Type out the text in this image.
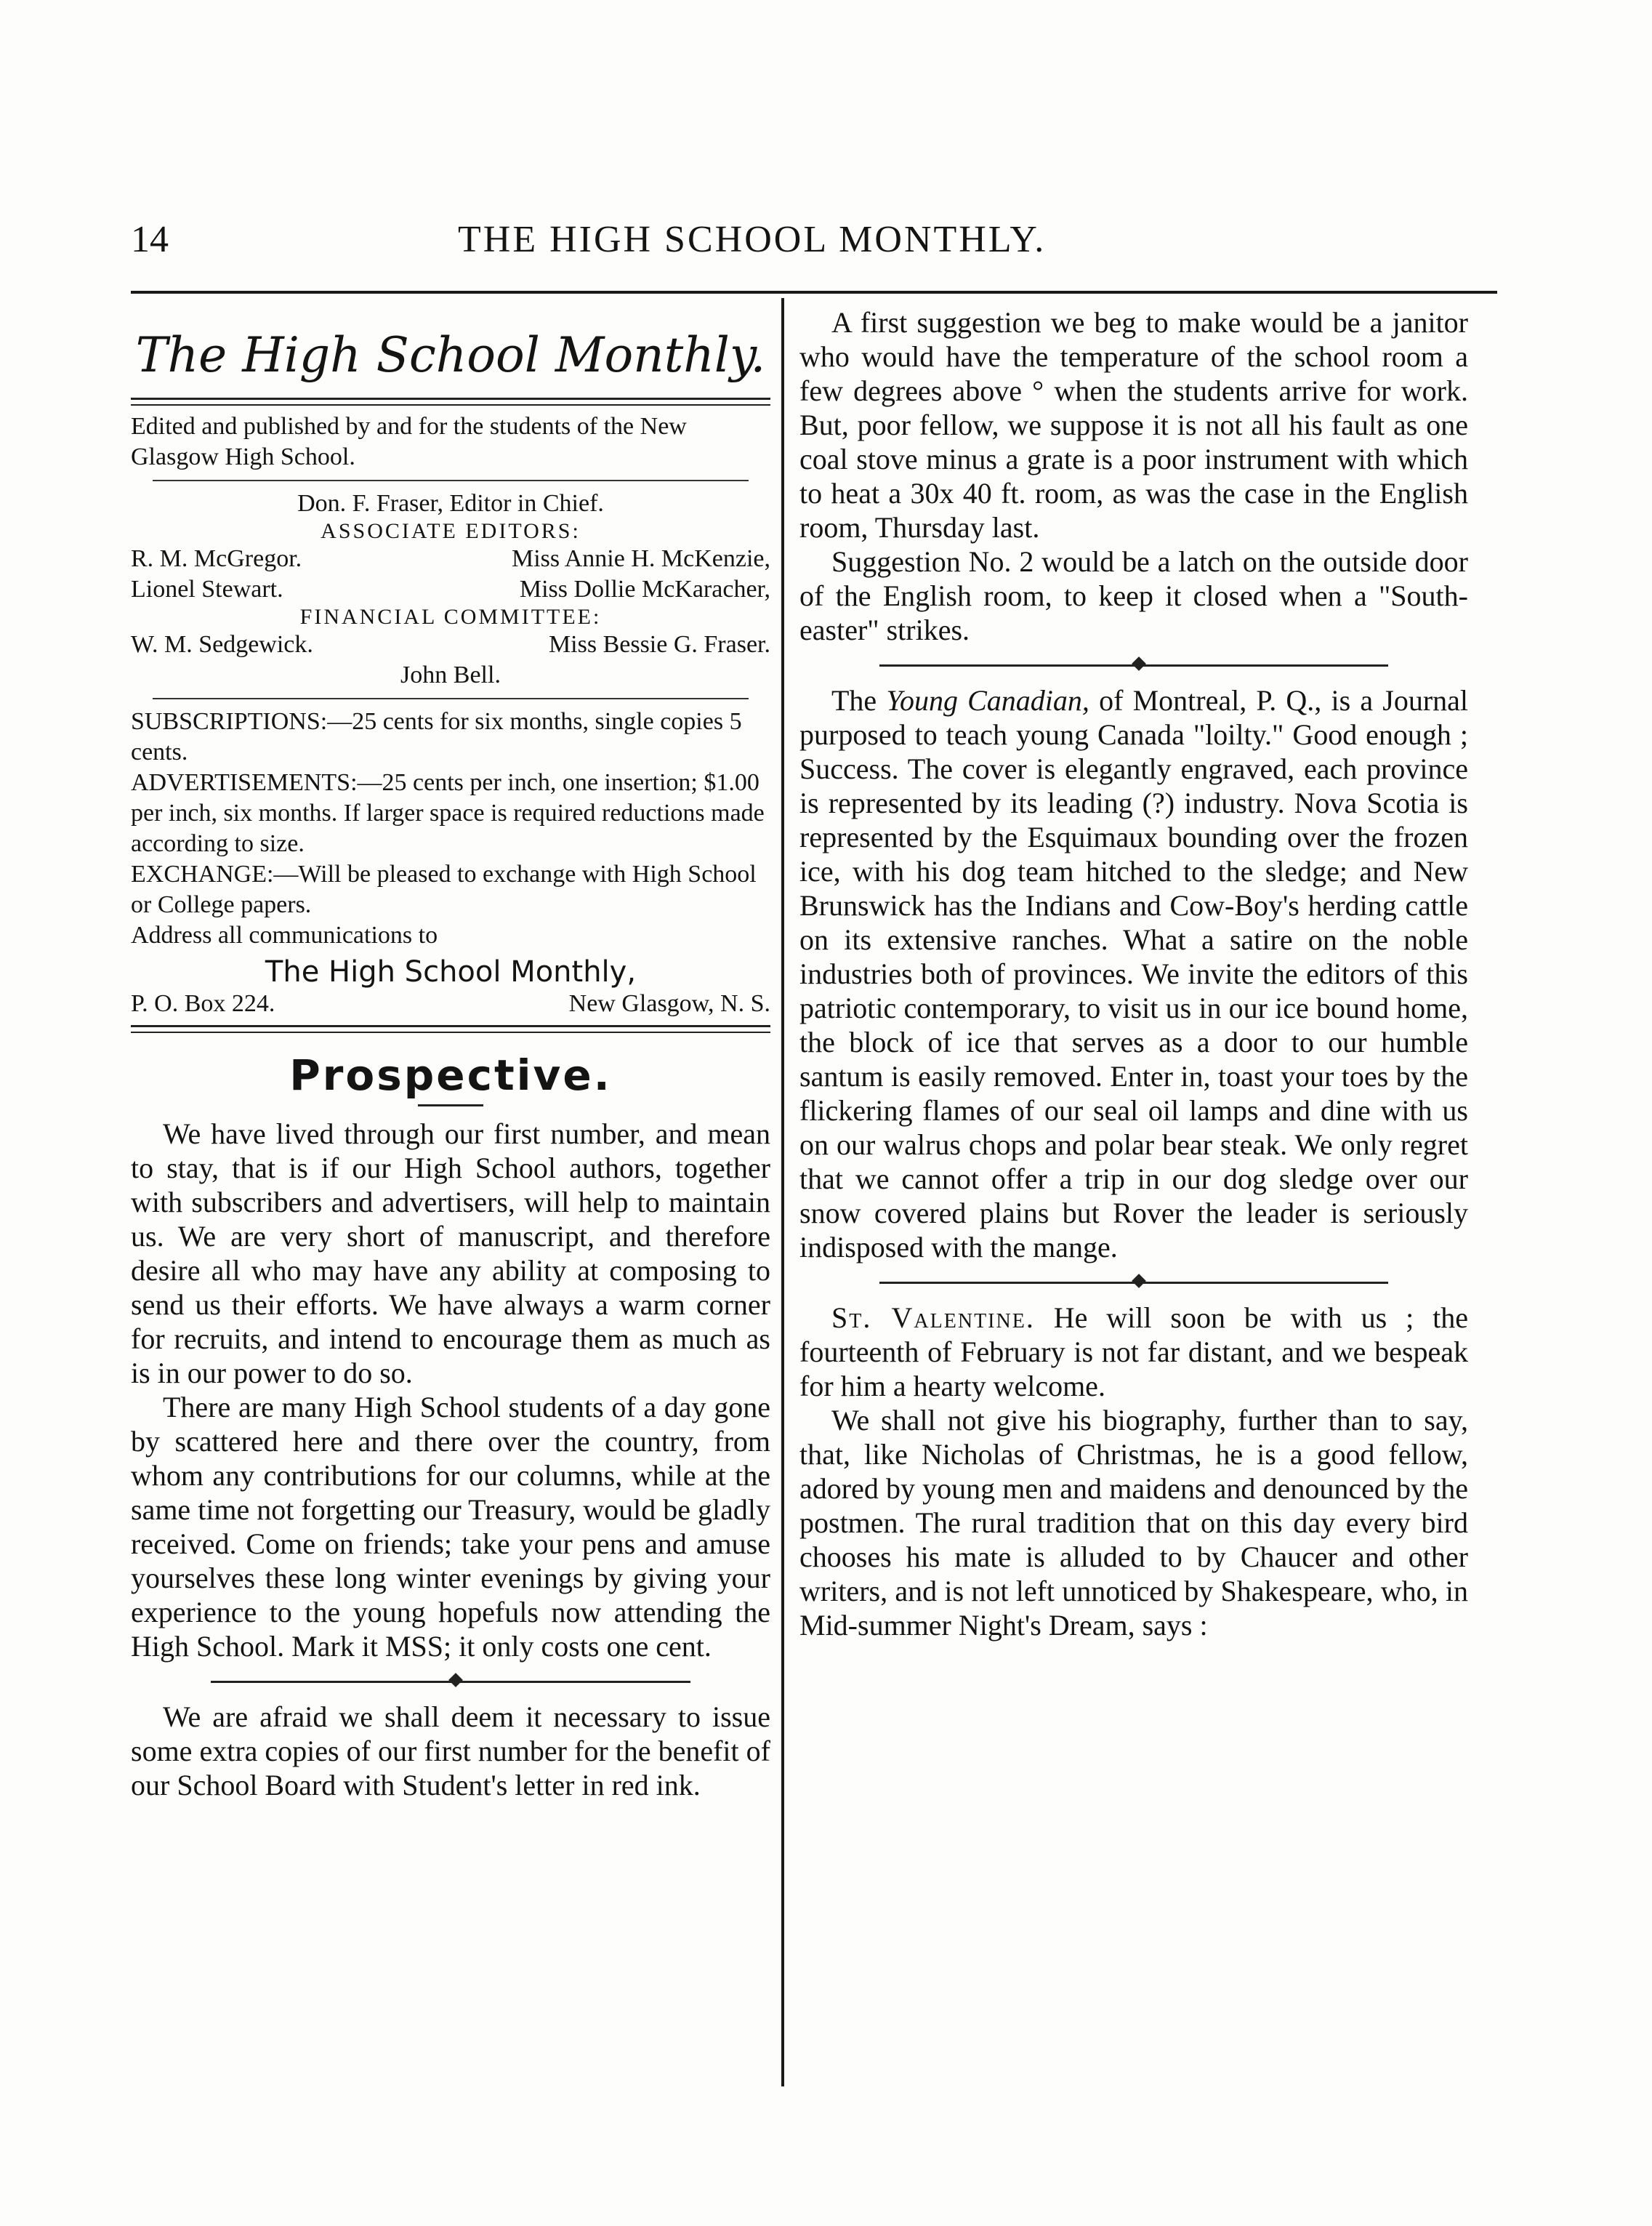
14	THE HIGH SCHOOL MONTHLY.
The High School Monthly.
Edited and published by and for the students of the New Glasgow High School.
Don. F. Fraser, Editor in Chief.
ASSOCIATE EDITORS:
R. M. McGregor.	Miss Annie H. McKenzie,
Lionel Stewart.	Miss Dollie McKaracher,
FINANCIAL COMMITTEE:
W. M. Sedgewick.	Miss Bessie G. Fraser.
John Bell.
SUBSCRIPTIONS:—25 cents for six months, single copies 5 cents.
ADVERTISEMENTS:—25 cents per inch, one insertion; $1.00 per inch, six months. If larger space is required reductions made according to size.
EXCHANGE:—Will be pleased to exchange with High School or College papers.
Address all communications to
The High School Monthly,
P. O. Box 224.	New Glasgow, N. S.
Prospective.

We have lived through our first number, and mean to stay, that is if our High School authors, together with subscribers and advertisers, will help to maintain us. We are very short of manuscript, and therefore desire all who may have any ability at composing to send us their efforts. We have always a warm corner for recruits, and intend to encourage them as much as is in our power to do so.

There are many High School students of a day gone by scattered here and there over the country, from whom any contributions for our columns, while at the same time not forgetting our Treasury, would be gladly received. Come on friends; take your pens and amuse yourselves these long winter evenings by giving your experience to the young hopefuls now attending the High School. Mark it MSS; it only costs one cent.

We are afraid we shall deem it necessary to issue some extra copies of our first number for the benefit of our School Board with Student's letter in red ink.

A first suggestion we beg to make would be a janitor who would have the temperature of the school room a few degrees above ° when the students arrive for work. But, poor fellow, we suppose it is not all his fault as one coal stove minus a grate is a poor instrument with which to heat a 30x 40 ft. room, as was the case in the English room, Thursday last.

Suggestion No. 2 would be a latch on the outside door of the English room, to keep it closed when a "South-easter" strikes.

The Young Canadian, of Montreal, P. Q., is a Journal purposed to teach young Canada "loilty." Good enough ; Success. The cover is elegantly engraved, each province is represented by its leading (?) industry. Nova Scotia is represented by the Esquimaux bounding over the frozen ice, with his dog team hitched to the sledge; and New Brunswick has the Indians and Cow-Boy's herding cattle on its extensive ranches. What a satire on the noble industries both of provinces. We invite the editors of this patriotic contemporary, to visit us in our ice bound home, the block of ice that serves as a door to our humble santum is easily removed. Enter in, toast your toes by the flickering flames of our seal oil lamps and dine with us on our walrus chops and polar bear steak. We only regret that we cannot offer a trip in our dog sledge over our snow covered plains but Rover the leader is seriously indisposed with the mange.

St. Valentine. He will soon be with us ; the fourteenth of February is not far distant, and we bespeak for him a hearty welcome.

We shall not give his biography, further than to say, that, like Nicholas of Christmas, he is a good fellow, adored by young men and maidens and denounced by the postmen. The rural tradition that on this day every bird chooses his mate is alluded to by Chaucer and other writers, and is not left unnoticed by Shakespeare, who, in Mid-summer Night's Dream, says :
